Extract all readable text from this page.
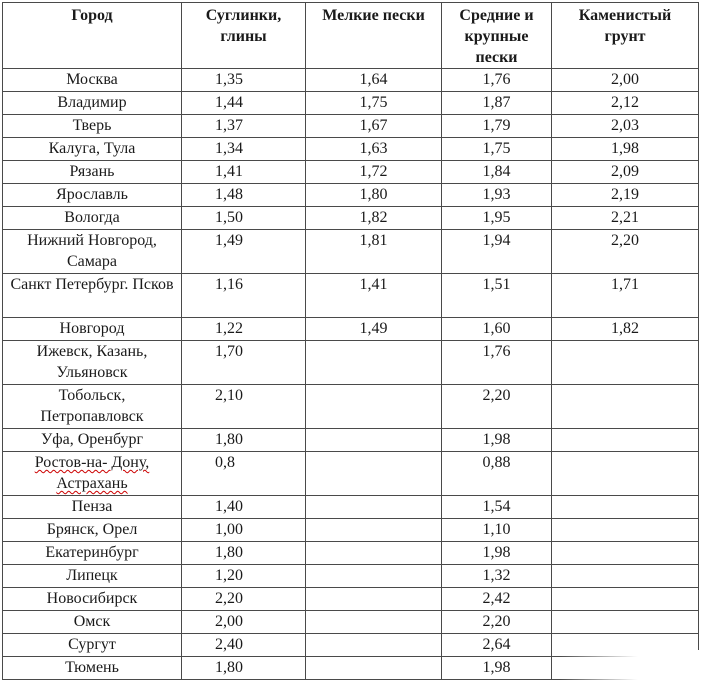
Город	Суглинки, глины	Мелкие пески	Средние и крупные пески	Каменистый грунт
Москва	1,35	1,64	1,76	2,00
Владимир	1,44	1,75	1,87	2,12
Тверь	1,37	1,67	1,79	2,03
Калуга, Тула	1,34	1,63	1,75	1,98
Рязань	1,41	1,72	1,84	2,09
Ярославль	1,48	1,80	1,93	2,19
Вологда	1,50	1,82	1,95	2,21
Нижний Новгород, Самара	1,49	1,81	1,94	2,20
Санкт Петербург. Псков	1,16	1,41	1,51	1,71
Новгород	1,22	1,49	1,60	1,82
Ижевск, Казань, Ульяновск	1,70		1,76	
Тобольск, Петропавловск	2,10		2,20	
Уфа, Оренбург	1,80		1,98	
Ростов-на- Дону, Астрахань	0,8		0,88	
Пенза	1,40		1,54	
Брянск, Орел	1,00		1,10	
Екатеринбург	1,80		1,98	
Липецк	1,20		1,32	
Новосибирск	2,20		2,42	
Омск	2,00		2,20	
Сургут	2,40		2,64	
Тюмень	1,80		1,98	
